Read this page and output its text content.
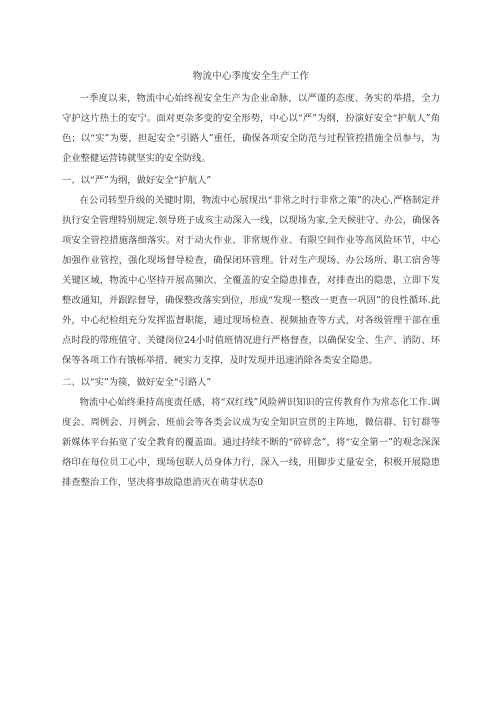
物流中心季度安全生产工作

一季度以来，物流中心始终视安全生产为企业命脉，以严谨的态度、务实的举措，全力守护这片热土的安宁。面对更杂多变的安全形势，中心以“严”为纲，扮演好安全“护航人”角色；以“实”为要，担起安全“引路人”重任，确保各项安全防范与过程管控措施全员参与，为企业整健运营铸就坚实的安全防线。

一、以“严”为纲，做好安全“护航人”

在公司转型升级的关键时期，物流中心展现出“非常之时行非常之策”的决心,严格制定并执行安全管理特别规定.领导班子成亥主动深入一线，以现场为家,全天候驻守、办公，确保各项安全管控措施落细落实。对于动火作业、非常规作业、有限空间作业等高风险环节，中心加强作业管控，强化现场督导检查，确保闭环管理。针对生产现场、办公场所、职工宿舍等关键区域，物流中心坚持开展高频次、全覆盖的安全隐患排查，对排查出的隐患，立即下发整改通知，并跟踪督导，确保整改落实到位，形成“发现一整改一更查一巩固”的良性循环.此外，中心纪检组充分发挥监督职能，通过现场检查、视频抽查等方式，对各级管理干部在重点时段的带班值守、关键岗位24小时值班情况进行严格督查，以确保安全、生产、消防、环保等各项工作有饿栎举措、硬实力支撑，及时发现并迅速消除各类安全隐患。

二、以“实”为篌，做好安全“引路人”

物流中心始终秉持高度责任感，将“双红线”风险辨识知识的宣传教育作为常态化工作.调度会、周例会、月例会、班前会等各类会议成为安全知识宣贯的主阵地，微信群、钉钉群等新媒体平台拓宽了安全教育的覆盖面。通过持续不断的“碎碎念”，将“安全第一”的观念深深烙印在每位员工心中，现场包联人员身体力行，深入一线，用脚步丈量安全，积极开展隐患排查整治工作，坚决将事故隐患消灭在萌芽状态0
